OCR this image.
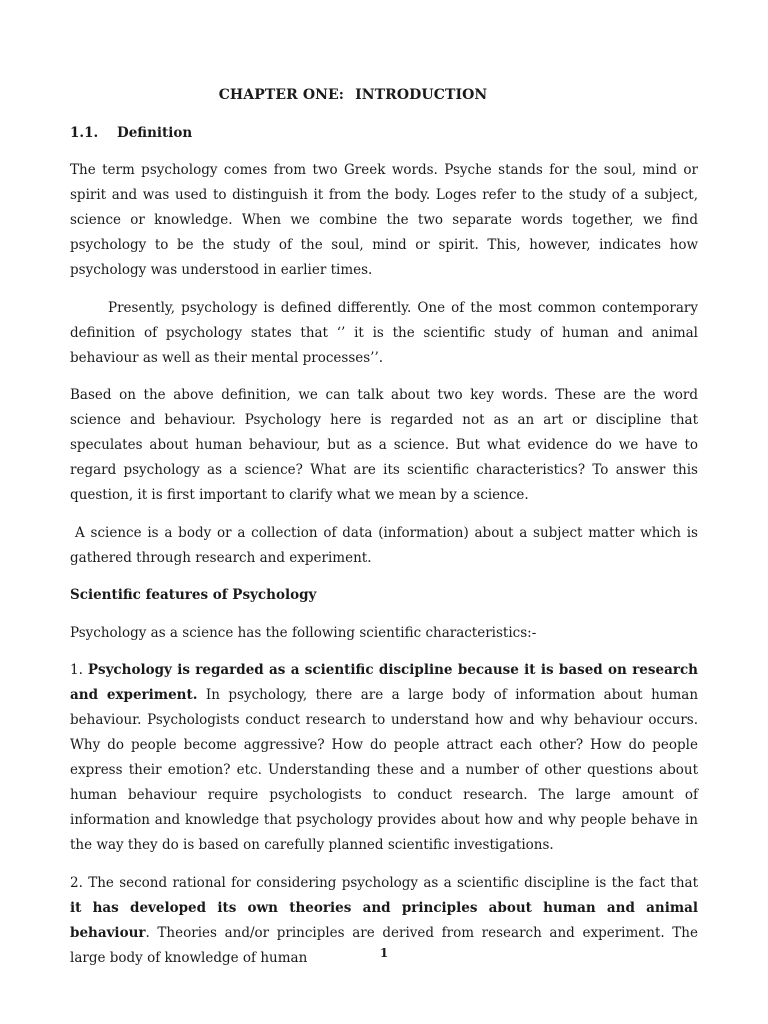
CHAPTER ONE: INTRODUCTION
1.1. Definition

The term psychology comes from two Greek words. Psyche stands for the soul, mind or spirit and was used to distinguish it from the body. Loges refer to the study of a subject, science or knowledge. When we combine the two separate words together, we find psychology to be the study of the soul, mind or spirit. This, however, indicates how psychology was understood in earlier times.

Presently, psychology is defined differently. One of the most common contemporary definition of psychology states that ‘’ it is the scientific study of human and animal behaviour as well as their mental processes’’.

Based on the above definition, we can talk about two key words. These are the word science and behaviour. Psychology here is regarded not as an art or discipline that speculates about human behaviour, but as a science. But what evidence do we have to regard psychology as a science? What are its scientific characteristics? To answer this question, it is first important to clarify what we mean by a science.

A science is a body or a collection of data (information) about a subject matter which is gathered through research and experiment.

Scientific features of Psychology

Psychology as a science has the following scientific characteristics:-

1. Psychology is regarded as a scientific discipline because it is based on research and experiment. In psychology, there are a large body of information about human behaviour. Psychologists conduct research to understand how and why behaviour occurs. Why do people become aggressive? How do people attract each other? How do people express their emotion? etc. Understanding these and a number of other questions about human behaviour require psychologists to conduct research. The large amount of information and knowledge that psychology provides about how and why people behave in the way they do is based on carefully planned scientific investigations.

2. The second rational for considering psychology as a scientific discipline is the fact that it has developed its own theories and principles about human and animal behaviour. Theories and/or principles are derived from research and experiment. The large body of knowledge of human	1
